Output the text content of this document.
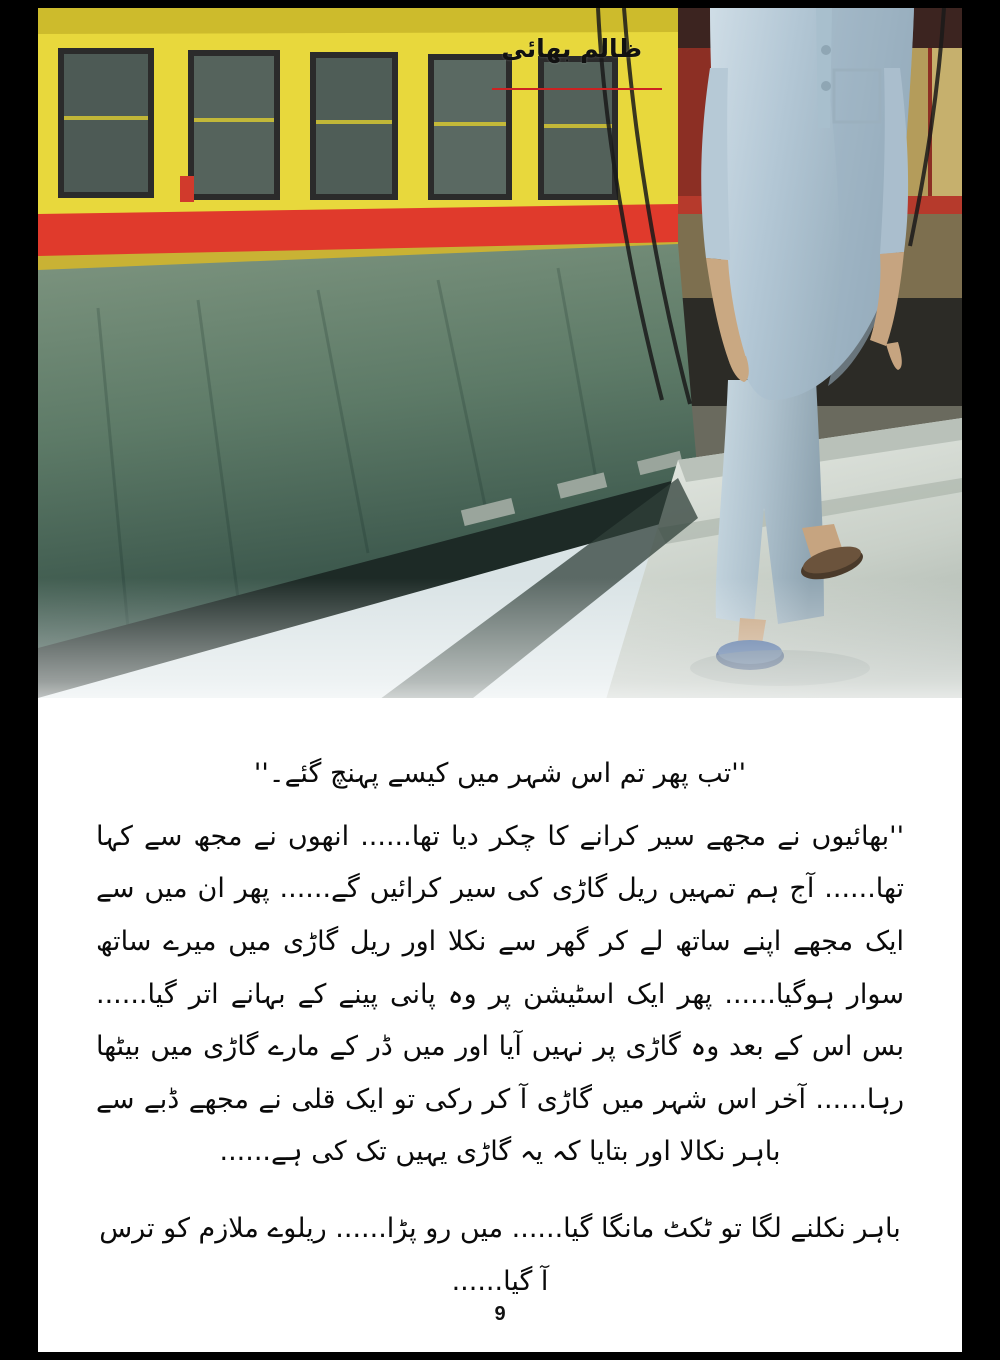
ظالم بھائی

''تب پھر تم اس شہر میں کیسے پہنچ گئے۔''

''بھائیوں نے مجھے سیر کرانے کا چکر دیا تھا...... انھوں نے مجھ سے کہا تھا...... آج ہم تمہیں ریل گاڑی کی سیر کرائیں گے...... پھر ان میں سے ایک مجھے اپنے ساتھ لے کر گھر سے نکلا اور ریل گاڑی میں میرے ساتھ سوار ہوگیا...... پھر ایک اسٹیشن پر وہ پانی پینے کے بہانے اتر گیا...... بس اس کے بعد وہ گاڑی پر نہیں آیا اور میں ڈر کے مارے گاڑی میں بیٹھا رہا...... آخر اس شہر میں گاڑی آ کر رکی تو ایک قلی نے مجھے ڈبے سے باہر نکالا اور بتایا کہ یہ گاڑی یہیں تک کی ہے......

باہر نکلنے لگا تو ٹکٹ مانگا گیا...... میں رو پڑا...... ریلوے ملازم کو ترس آ گیا......

9
